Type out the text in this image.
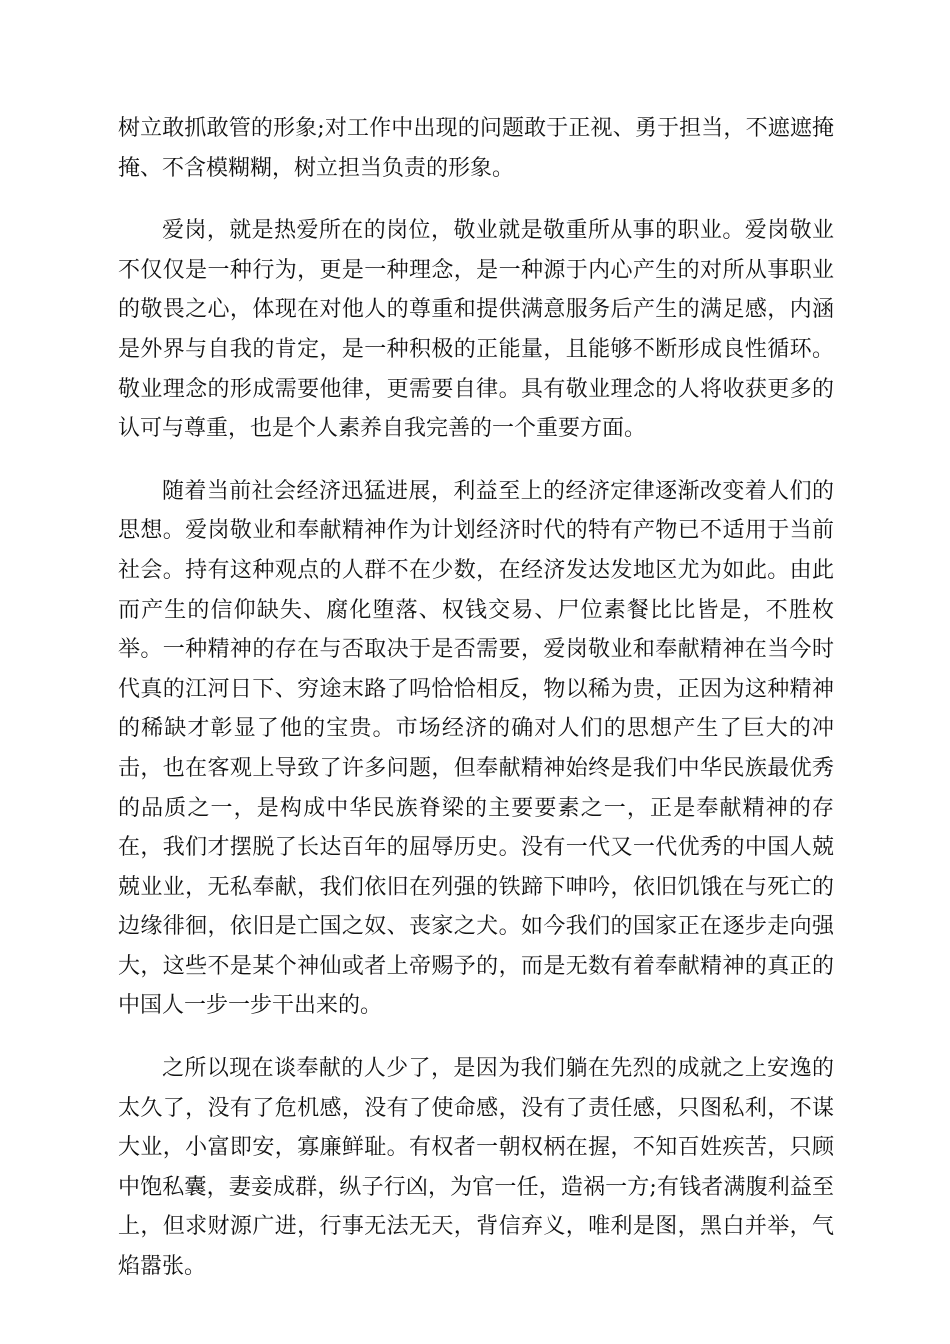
树立敢抓敢管的形象;对工作中出现的问题敢于正视、勇于担当，不遮遮掩掩、不含模糊糊，树立担当负责的形象。

爱岗，就是热爱所在的岗位，敬业就是敬重所从事的职业。爱岗敬业不仅仅是一种行为，更是一种理念，是一种源于内心产生的对所从事职业的敬畏之心，体现在对他人的尊重和提供满意服务后产生的满足感，内涵是外界与自我的肯定，是一种积极的正能量，且能够不断形成良性循环。敬业理念的形成需要他律，更需要自律。具有敬业理念的人将收获更多的认可与尊重，也是个人素养自我完善的一个重要方面。

随着当前社会经济迅猛进展，利益至上的经济定律逐渐改变着人们的思想。爱岗敬业和奉献精神作为计划经济时代的特有产物已不适用于当前社会。持有这种观点的人群不在少数，在经济发达发地区尤为如此。由此而产生的信仰缺失、腐化堕落、权钱交易、尸位素餐比比皆是，不胜枚举。一种精神的存在与否取决于是否需要，爱岗敬业和奉献精神在当今时代真的江河日下、穷途末路了吗恰恰相反，物以稀为贵，正因为这种精神的稀缺才彰显了他的宝贵。市场经济的确对人们的思想产生了巨大的冲击，也在客观上导致了许多问题，但奉献精神始终是我们中华民族最优秀的品质之一，是构成中华民族脊梁的主要要素之一，正是奉献精神的存在，我们才摆脱了长达百年的屈辱历史。没有一代又一代优秀的中国人兢兢业业，无私奉献，我们依旧在列强的铁蹄下呻吟，依旧饥饿在与死亡的边缘徘徊，依旧是亡国之奴、丧家之犬。如今我们的国家正在逐步走向强大，这些不是某个神仙或者上帝赐予的，而是无数有着奉献精神的真正的中国人一步一步干出来的。

之所以现在谈奉献的人少了，是因为我们躺在先烈的成就之上安逸的太久了，没有了危机感，没有了使命感，没有了责任感，只图私利，不谋大业，小富即安，寡廉鲜耻。有权者一朝权柄在握，不知百姓疾苦，只顾中饱私囊，妻妾成群，纵子行凶，为官一任，造祸一方;有钱者满腹利益至上，但求财源广进，行事无法无天，背信弃义，唯利是图，黑白并举，气焰嚣张。
